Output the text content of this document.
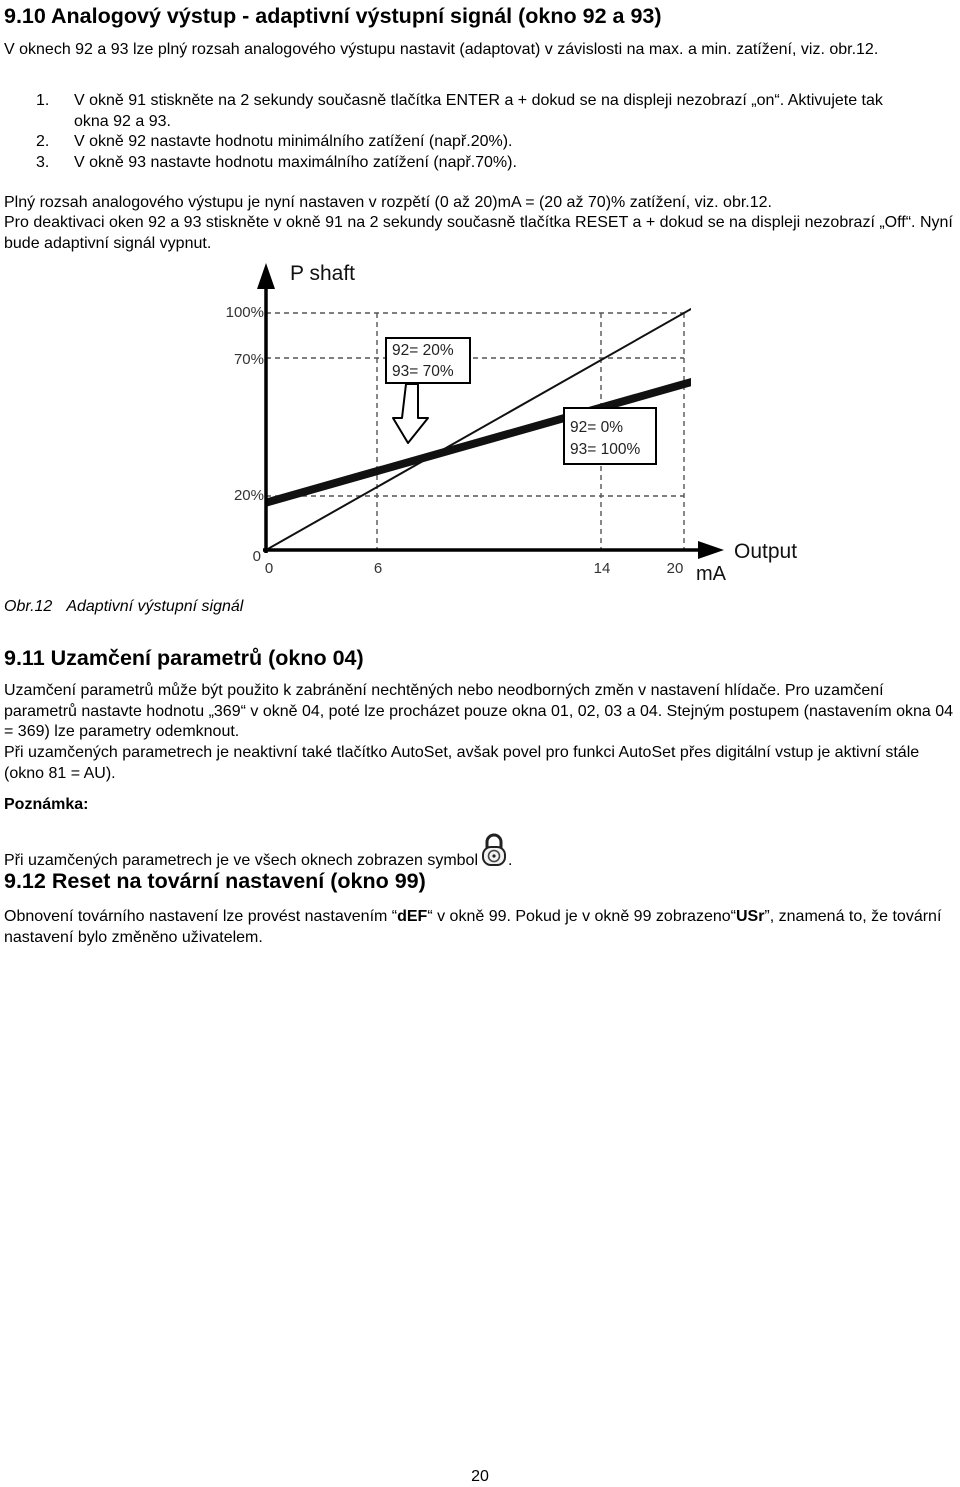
9.10 Analogový výstup - adaptivní výstupní signál (okno 92 a 93)

V oknech 92 a 93 lze plný rozsah analogového výstupu nastavit (adaptovat) v závislosti na max. a min. zatížení, viz. obr.12.

1. V okně 91 stiskněte na 2 sekundy současně tlačítka ENTER a + dokud se na displeji nezobrazí „on“. Aktivujete tak okna 92 a 93.
2. V okně 92 nastavte hodnotu minimálního zatížení (např.20%).
3. V okně 93 nastavte hodnotu maximálního zatížení (např.70%).

Plný rozsah analogového výstupu je nyní nastaven v rozpětí (0 až 20)mA = (20 až 70)% zatížení, viz. obr.12.

Pro deaktivaci oken 92 a 93 stiskněte v okně 91 na 2 sekundy současně tlačítka RESET a + dokud se na displeji nezobrazí „Off“. Nyní bude adaptivní signál vypnut.

92= 20%
93= 70%
92= 0%
93= 100%
P shaft
Output
mA
100%
70%
20%
0
0	6	14	20

Obr.12 Adaptivní výstupní signál

9.11 Uzamčení parametrů (okno 04)

Uzamčení parametrů může být použito k zabránění nechtěných nebo neodborných změn v nastavení hlídače. Pro uzamčení parametrů nastavte hodnotu „369“ v okně 04, poté lze procházet pouze okna 01, 02, 03 a 04. Stejným postupem (nastavením okna 04 = 369) lze parametry odemknout.

Při uzamčených parametrech je neaktivní také tlačítko AutoSet, avšak povel pro funkci AutoSet přes digitální vstup je aktivní stále (okno 81 = AU).

Poznámka:

Při uzamčených parametrech je ve všech oknech zobrazen symbol .

9.12 Reset na tovární nastavení (okno 99)

Obnovení továrního nastavení lze provést nastavením “dEF“ v okně 99. Pokud je v okně 99 zobrazeno“USr”, znamená to, že tovární nastavení bylo změněno uživatelem.

20
